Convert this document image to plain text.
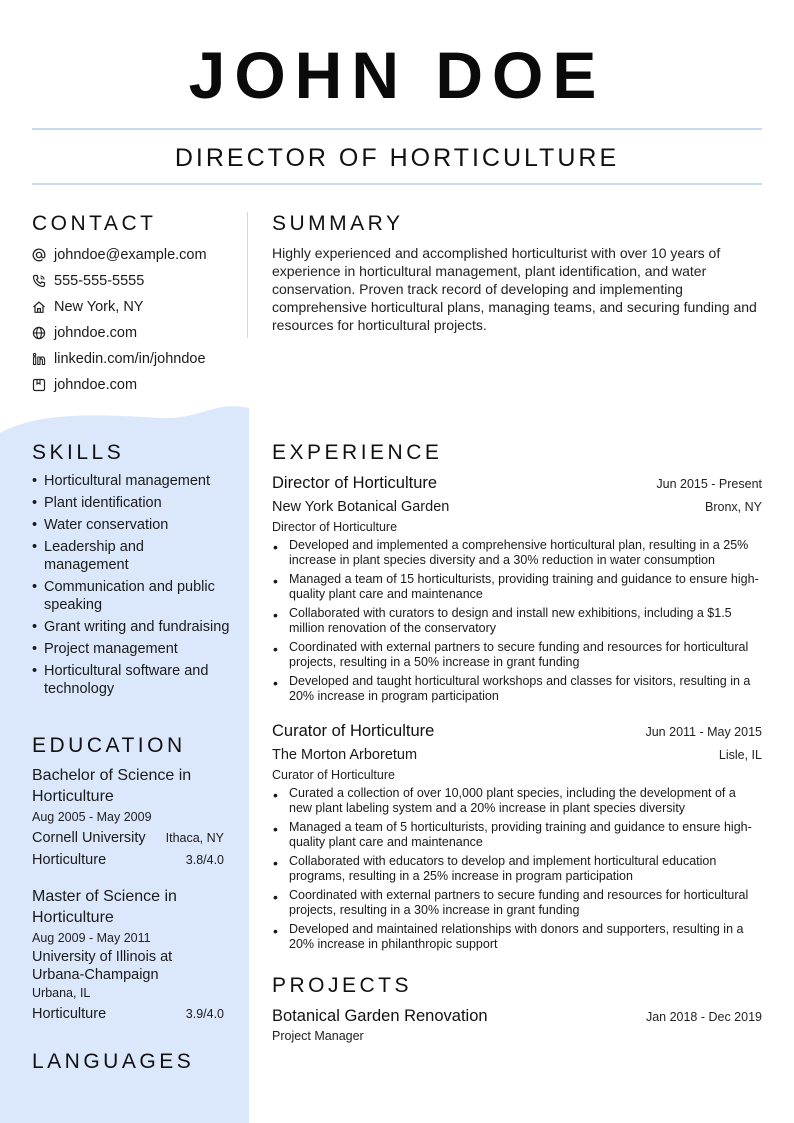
JOHN DOE
DIRECTOR OF HORTICULTURE
CONTACT
johndoe@example.com
555-555-5555
New York, NY
johndoe.com
linkedin.com/in/johndoe
johndoe.com
SUMMARY
Highly experienced and accomplished horticulturist with over 10 years of experience in horticultural management, plant identification, and water conservation. Proven track record of developing and implementing comprehensive horticultural plans, managing teams, and securing funding and resources for horticultural projects.
SKILLS
• Horticultural management
• Plant identification
• Water conservation
• Leadership and management
• Communication and public speaking
• Grant writing and fundraising
• Project management
• Horticultural software and technology
EDUCATION
Bachelor of Science in Horticulture
Aug 2005 - May 2009
Cornell University Ithaca, NY
Horticulture	3.8/4.0
Master of Science in Horticulture
Aug 2009 - May 2011
University of Illinois at Urbana-Champaign
Urbana, IL
Horticulture	3.9/4.0
LANGUAGES
EXPERIENCE
Director of Horticulture	Jun 2015 - Present
New York Botanical Garden	Bronx, NY
Director of Horticulture
• Developed and implemented a comprehensive horticultural plan, resulting in a 25% increase in plant species diversity and a 30% reduction in water consumption
• Managed a team of 15 horticulturists, providing training and guidance to ensure high-quality plant care and maintenance
• Collaborated with curators to design and install new exhibitions, including a $1.5 million renovation of the conservatory
• Coordinated with external partners to secure funding and resources for horticultural projects, resulting in a 50% increase in grant funding
• Developed and taught horticultural workshops and classes for visitors, resulting in a 20% increase in program participation
Curator of Horticulture	Jun 2011 - May 2015
The Morton Arboretum	Lisle, IL
Curator of Horticulture
• Curated a collection of over 10,000 plant species, including the development of a new plant labeling system and a 20% increase in plant species diversity
• Managed a team of 5 horticulturists, providing training and guidance to ensure high-quality plant care and maintenance
• Collaborated with educators to develop and implement horticultural education programs, resulting in a 25% increase in program participation
• Coordinated with external partners to secure funding and resources for horticultural projects, resulting in a 30% increase in grant funding
• Developed and maintained relationships with donors and supporters, resulting in a 20% increase in philanthropic support
PROJECTS
Botanical Garden Renovation	Jan 2018 - Dec 2019
Project Manager
